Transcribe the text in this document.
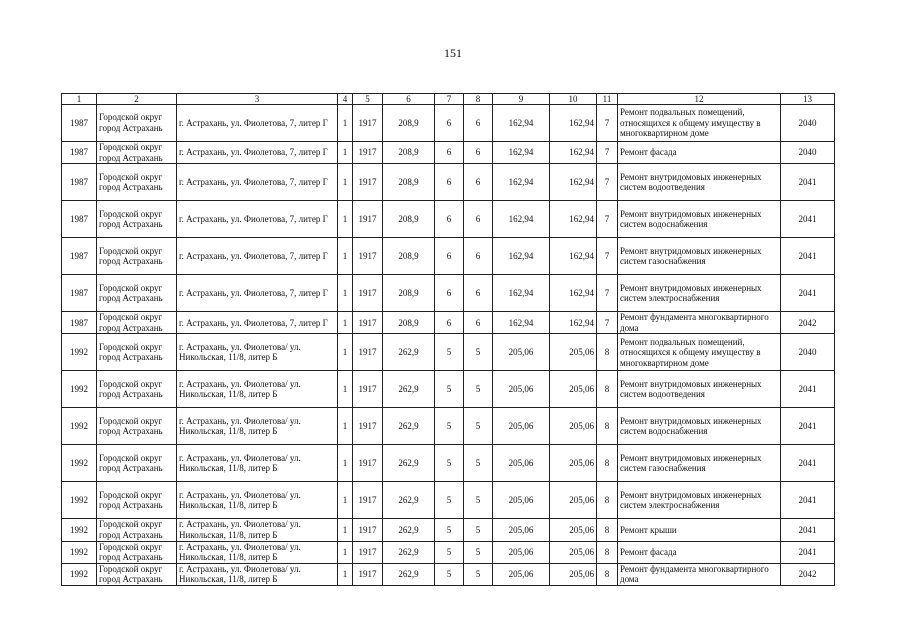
151
1	2	3	4	5	6	7	8	9	10	11	12	13
1987	Городской округ город Астрахань	г. Астрахань, ул. Фиолетова, 7, литер Г	1	1917	208,9	6	6	162,94	162,94	7	Ремонт подвальных помещений, относящихся к общему имуществу в многоквартирном доме	2040
1987	Городской округ город Астрахань	г. Астрахань, ул. Фиолетова, 7, литер Г	1	1917	208,9	6	6	162,94	162,94	7	Ремонт фасада	2040
1987	Городской округ город Астрахань	г. Астрахань, ул. Фиолетова, 7, литер Г	1	1917	208,9	6	6	162,94	162,94	7	Ремонт внутридомовых инженерных систем водоотведения	2041
1987	Городской округ город Астрахань	г. Астрахань, ул. Фиолетова, 7, литер Г	1	1917	208,9	6	6	162,94	162,94	7	Ремонт внутридомовых инженерных систем водоснабжения	2041
1987	Городской округ город Астрахань	г. Астрахань, ул. Фиолетова, 7, литер Г	1	1917	208,9	6	6	162,94	162,94	7	Ремонт внутридомовых инженерных систем газоснабжения	2041
1987	Городской округ город Астрахань	г. Астрахань, ул. Фиолетова, 7, литер Г	1	1917	208,9	6	6	162,94	162,94	7	Ремонт внутридомовых инженерных систем электроснабжения	2041
1987	Городской округ город Астрахань	г. Астрахань, ул. Фиолетова, 7, литер Г	1	1917	208,9	6	6	162,94	162,94	7	Ремонт фундамента многоквартирного дома	2042
1992	Городской округ город Астрахань	г. Астрахань, ул. Фиолетова/ ул. Никольская, 11/8, литер Б	1	1917	262,9	5	5	205,06	205,06	8	Ремонт подвальных помещений, относящихся к общему имуществу в многоквартирном доме	2040
1992	Городской округ город Астрахань	г. Астрахань, ул. Фиолетова/ ул. Никольская, 11/8, литер Б	1	1917	262,9	5	5	205,06	205,06	8	Ремонт внутридомовых инженерных систем водоотведения	2041
1992	Городской округ город Астрахань	г. Астрахань, ул. Фиолетова/ ул. Никольская, 11/8, литер Б	1	1917	262,9	5	5	205,06	205,06	8	Ремонт внутридомовых инженерных систем водоснабжения	2041
1992	Городской округ город Астрахань	г. Астрахань, ул. Фиолетова/ ул. Никольская, 11/8, литер Б	1	1917	262,9	5	5	205,06	205,06	8	Ремонт внутридомовых инженерных систем газоснабжения	2041
1992	Городской округ город Астрахань	г. Астрахань, ул. Фиолетова/ ул. Никольская, 11/8, литер Б	1	1917	262,9	5	5	205,06	205,06	8	Ремонт внутридомовых инженерных систем электроснабжения	2041
1992	Городской округ город Астрахань	г. Астрахань, ул. Фиолетова/ ул. Никольская, 11/8, литер Б	1	1917	262,9	5	5	205,06	205,06	8	Ремонт крыши	2041
1992	Городской округ город Астрахань	г. Астрахань, ул. Фиолетова/ ул. Никольская, 11/8, литер Б	1	1917	262,9	5	5	205,06	205,06	8	Ремонт фасада	2041
1992	Городской округ город Астрахань	г. Астрахань, ул. Фиолетова/ ул. Никольская, 11/8, литер Б	1	1917	262,9	5	5	205,06	205,06	8	Ремонт фундамента многоквартирного дома	2042
